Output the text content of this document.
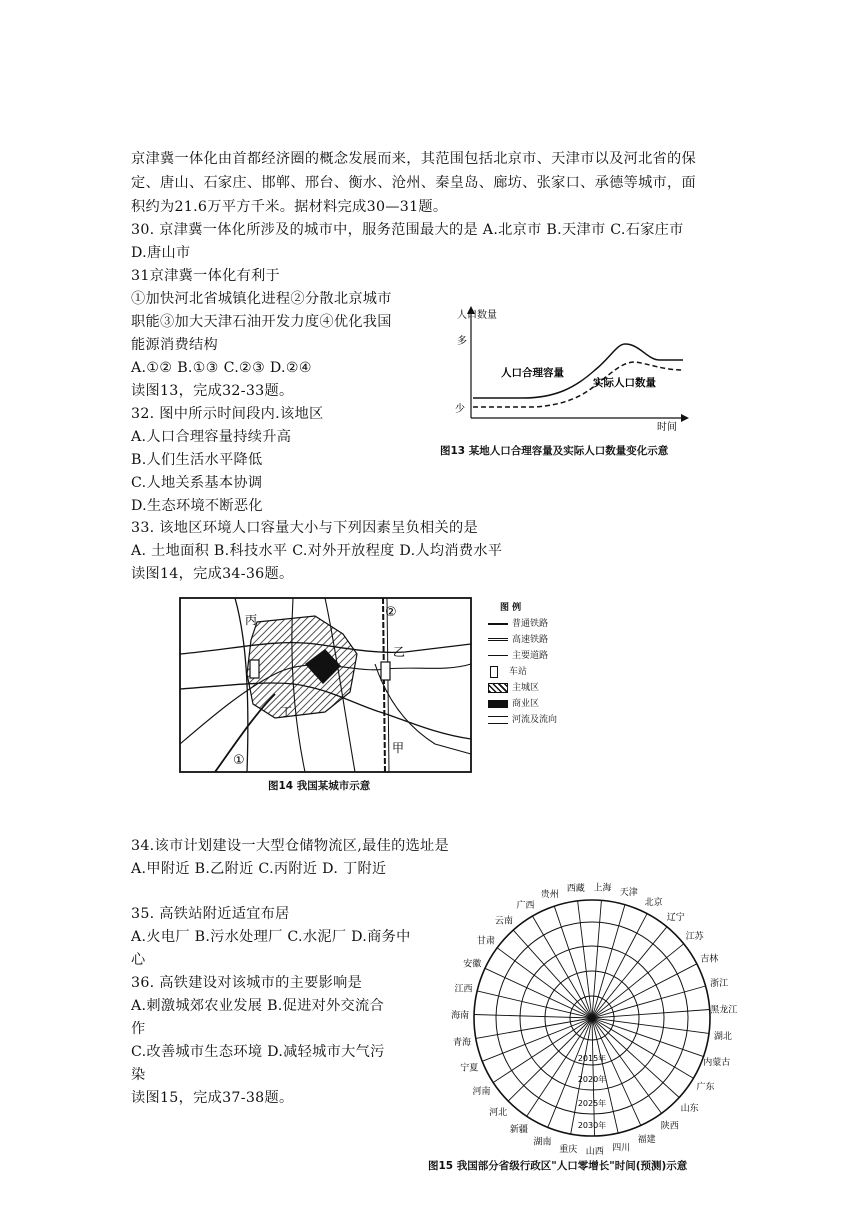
京津冀一体化由首都经济圈的概念发展而来，其范围包括北京市、天津市以及河北省的保
定、唐山、石家庄、邯郸、邢台、衡水、沧州、秦皇岛、廊坊、张家口、承德等城市，面
积约为21.6万平方千米。据材料完成30—31题。
30. 京津冀一体化所涉及的城市中，服务范围最大的是 A.北京市 B.天津市 C.石家庄市
D.唐山市
31京津冀一体化有利于
①加快河北省城镇化进程②分散北京城市
职能③加大天津石油开发力度④优化我国
能源消费结构
A.①② B.①③ C.②③ D.②④
读图13，完成32-33题。
32. 图中所示时间段内.该地区
A.人口合理容量持续升高
B.人们生活水平降低
C.人地关系基本协调
D.生态环境不断恶化
33. 该地区环境人口容量大小与下列因素呈负相关的是
A. 土地面积 B.科技水平 C.对外开放程度 D.人均消费水平
读图14，完成34-36题。
人口数量
多
少
时间
人口合理容量
实际人口数量
图13 某地人口合理容量及实际人口数量变化示意
丙
乙
甲
丁
①
②	图 例
普通铁路
高速铁路
主要道路
车站
主城区
商业区
河流及流向
图14 我国某城市示意
34.该市计划建设一大型仓储物流区,最佳的选址是
A.甲附近 B.乙附近 C.丙附近 D. 丁附近
35. 高铁站附近适宜布居
A.火电厂 B.污水处理厂 C.水泥厂 D.商务中
心
36. 高铁建设对该城市的主要影响是
A.刺激城郊农业发展 B.促进对外交流合
作
C.改善城市生态环境 D.减轻城市大气污
染
读图15，完成37-38题。
上海 天津
北京
辽宁
江苏
吉林
浙江
黑龙江
湖北
内蒙古
广东
山东
陕西
福建
四川
山西
重庆
湖南
新疆
河北
河南
宁夏
青海
海南
江西
安徽
甘肃
云南
广西
贵州
西藏
2015年
2020年
2025年
2030年
图15 我国部分省级行政区"人口零增长"时间(预测)示意
